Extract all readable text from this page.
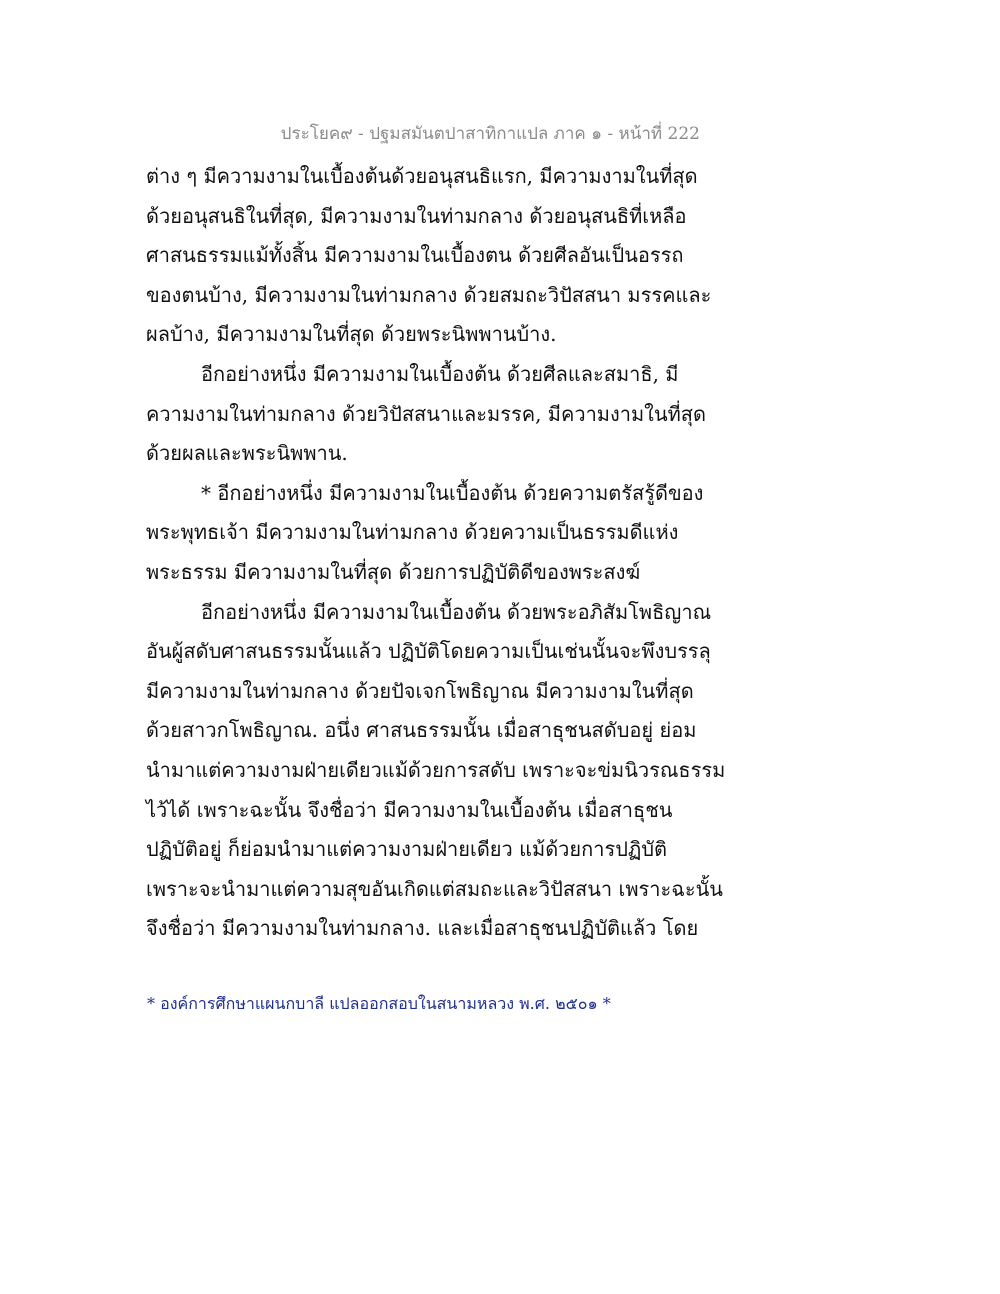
ประโยค๙ - ปฐมสมันตปาสาทิกาแปล ภาค ๑ - หน้าที่ 222
ต่าง ๆ มีความงามในเบื้องต้นด้วยอนุสนธิแรก, มีความงามในที่สุด
ด้วยอนุสนธิในที่สุด, มีความงามในท่ามกลาง ด้วยอนุสนธิที่เหลือ
ศาสนธรรมแม้ทั้งสิ้น มีความงามในเบื้องตน ด้วยศีลอันเป็นอรรถ
ของตนบ้าง, มีความงามในท่ามกลาง ด้วยสมถะวิปัสสนา มรรคและ
ผลบ้าง, มีความงามในที่สุด ด้วยพระนิพพานบ้าง.
อีกอย่างหนึ่ง มีความงามในเบื้องต้น ด้วยศีลและสมาธิ, มี
ความงามในท่ามกลาง ด้วยวิปัสสนาและมรรค, มีความงามในที่สุด
ด้วยผลและพระนิพพาน.
* อีกอย่างหนึ่ง มีความงามในเบื้องต้น ด้วยความตรัสรู้ดีของ
พระพุทธเจ้า มีความงามในท่ามกลาง ด้วยความเป็นธรรมดีแห่ง
พระธรรม มีความงามในที่สุด ด้วยการปฏิบัติดีของพระสงฆ์
อีกอย่างหนึ่ง มีความงามในเบื้องต้น ด้วยพระอภิสัมโพธิญาณ
อันผู้สดับศาสนธรรมนั้นแล้ว ปฏิบัติโดยความเป็นเช่นนั้นจะพึงบรรลุ
มีความงามในท่ามกลาง ด้วยปัจเจกโพธิญาณ มีความงามในที่สุด
ด้วยสาวกโพธิญาณ. อนึ่ง ศาสนธรรมนั้น เมื่อสาธุชนสดับอยู่ ย่อม
นำมาแต่ความงามฝ่ายเดียวแม้ด้วยการสดับ เพราะจะข่มนิวรณธรรม
ไว้ได้ เพราะฉะนั้น จึงชื่อว่า มีความงามในเบื้องต้น เมื่อสาธุชน
ปฏิบัติอยู่ ก็ย่อมนำมาแต่ความงามฝ่ายเดียว แม้ด้วยการปฏิบัติ
เพราะจะนำมาแต่ความสุขอันเกิดแต่สมถะและวิปัสสนา เพราะฉะนั้น
จึงชื่อว่า มีความงามในท่ามกลาง. และเมื่อสาธุชนปฏิบัติแล้ว โดย
* องค์การศึกษาแผนกบาลี แปลออกสอบในสนามหลวง พ.ศ. ๒๕๐๑ *
